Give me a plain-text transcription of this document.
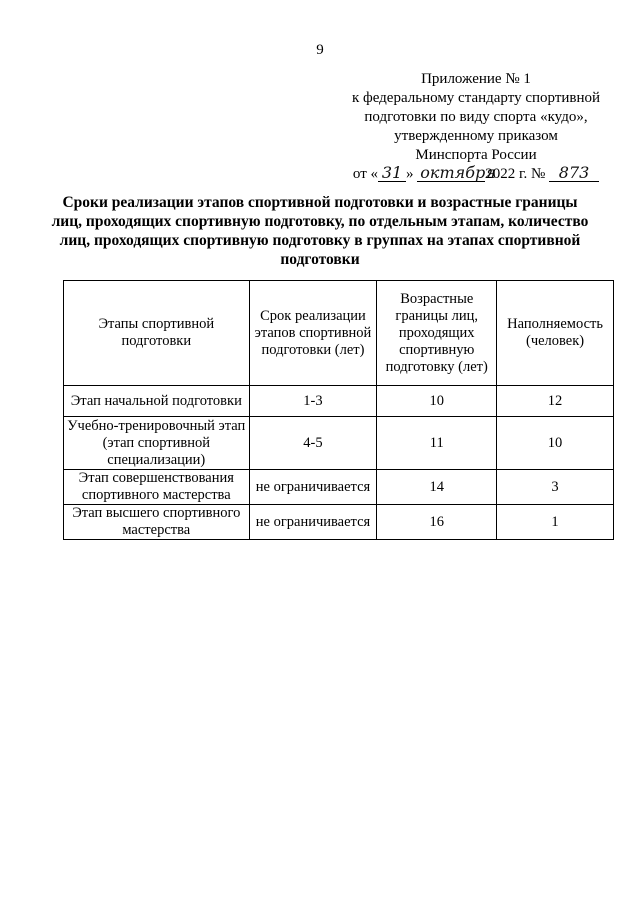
9
Приложение № 1
к федеральному стандарту спортивной
подготовки по виду спорта «кудо»,
утвержденному приказом
Минспорта России
от « 31 » октября2022 г. № 873
Сроки реализации этапов спортивной подготовки и возрастные границы лиц, проходящих спортивную подготовку, по отдельным этапам, количество лиц, проходящих спортивную подготовку в группах на этапах спортивной подготовки
Этапы спортивной подготовки	Срок реализации этапов спортивной подготовки (лет)	Возрастные границы лиц, проходящих спортивную подготовку (лет)	Наполняемость (человек)
Этап начальной подготовки	1-3	10	12
Учебно-тренировочный этап (этап спортивной специализации)	4-5	11	10
Этап совершенствования спортивного мастерства	не ограничивается	14	3
Этап высшего спортивного мастерства	не ограничивается	16	1
